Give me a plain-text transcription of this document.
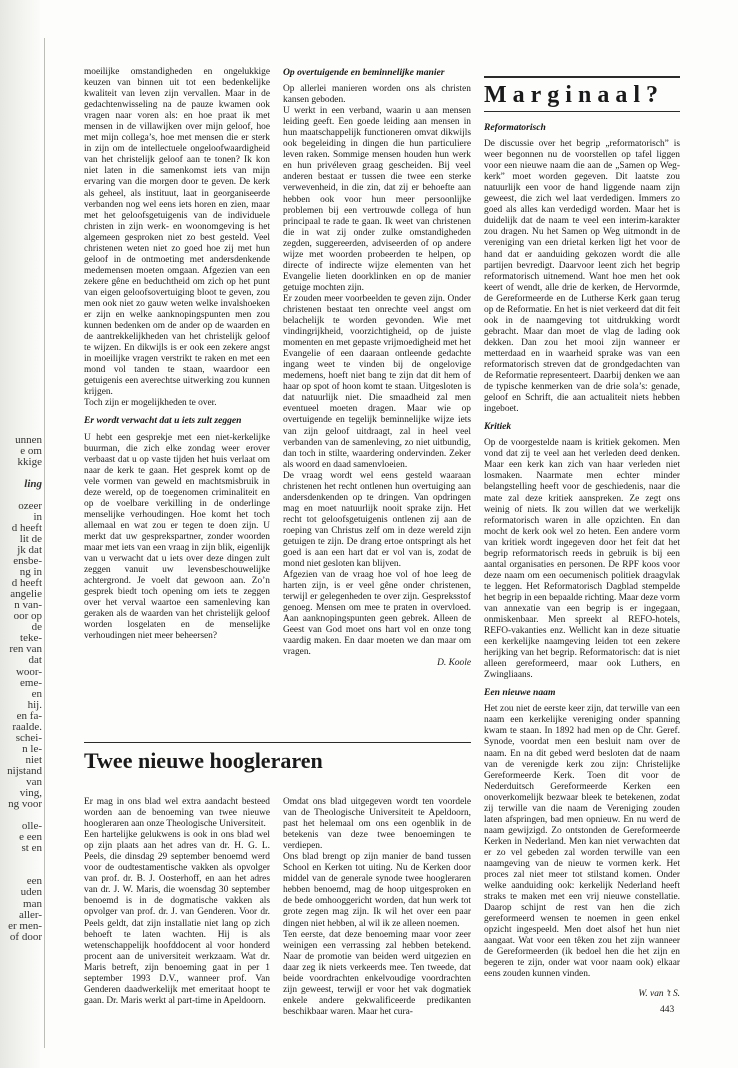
unnen
e om
kkige
ling
ozeer
in
d heeft
lit de
jk dat
ensbe-
ng in
d heeft
angelie
n van-
oor op
de
teke-
ren van
dat
woor-
eme-
en
hij.
en fa-
raalde.
schei-
n le-
niet
nijstand
van
ving,
ng voor
olle-
e een
st en
een
uden
man
aller-
er men-
of door

moeilijke omstandigheden en ongelukkige keuzen van binnen uit tot een bedenkelijke kwaliteit van leven zijn vervallen. Maar in de gedachtenwisseling na de pauze kwamen ook vragen naar voren als: en hoe praat ik met mensen in de villawijken over mijn geloof, hoe met mijn collega’s, hoe met mensen die er sterk in zijn om de intellectuele ongeloofwaardigheid van het christelijk geloof aan te tonen? Ik kon niet laten in die samenkomst iets van mijn ervaring van die morgen door te geven. De kerk als geheel, als instituut, laat in georganiseerde verbanden nog wel eens iets horen en zien, maar met het geloofsgetuigenis van de individuele christen in zijn werk- en woonomgeving is het algemeen gesproken niet zo best gesteld. Veel christenen weten niet zo goed hoe zij met hun geloof in de ontmoeting met andersdenkende medemensen moeten omgaan. Afgezien van een zekere gêne en beduchtheid om zich op het punt van eigen geloofsovertuiging bloot te geven, zou men ook niet zo gauw weten welke invalshoeken er zijn en welke aanknopingspunten men zou kunnen bedenken om de ander op de waarden en de aantrekkelijkheden van het christelijk geloof te wijzen. En dikwijls is er ook een zekere angst in moeilijke vragen verstrikt te raken en met een mond vol tanden te staan, waardoor een getuigenis een averechtse uitwerking zou kunnen krijgen.

Toch zijn er mogelijkheden te over.

Er wordt verwacht dat u iets zult zeggen

U hebt een gesprekje met een niet-kerkelijke buurman, die zich elke zondag weer erover verbaast dat u op vaste tijden het huis verlaat om naar de kerk te gaan. Het gesprek komt op de vele vormen van geweld en machtsmisbruik in deze wereld, op de toegenomen criminaliteit en op de voelbare verkilling in de onderlinge menselijke verhoudingen. Hoe komt het toch allemaal en wat zou er tegen te doen zijn. U merkt dat uw gesprekspartner, zonder woorden maar met iets van een vraag in zijn blik, eigenlijk van u verwacht dat u iets over deze dingen zult zeggen vanuit uw levensbeschouwelijke achtergrond. Je voelt dat gewoon aan. Zo’n gesprek biedt toch opening om iets te zeggen over het verval waartoe een samenleving kan geraken als de waarden van het christelijk geloof worden losgelaten en de menselijke verhoudingen niet meer beheersen?

Op overtuigende en beminnelijke manier

Op allerlei manieren worden ons als christen kansen geboden.

U werkt in een verband, waarin u aan mensen leiding geeft. Een goede leiding aan mensen in hun maatschappelijk functioneren omvat dikwijls ook begeleiding in dingen die hun particuliere leven raken. Sommige mensen houden hun werk en hun privéleven graag gescheiden. Bij veel anderen bestaat er tussen die twee een sterke verwevenheid, in die zin, dat zij er behoefte aan hebben ook voor hun meer persoonlijke problemen bij een vertrouwde collega of hun principaal te rade te gaan. Ik weet van christenen die in wat zij onder zulke omstandigheden zegden, suggereerden, adviseerden of op andere wijze met woorden probeerden te helpen, op directe of indirecte wijze elementen van het Evangelie lieten doorklinken en op de manier getuige mochten zijn.

Er zouden meer voorbeelden te geven zijn. Onder christenen bestaat ten onrechte veel angst om belachelijk te worden gevonden. Wie met vindingrijkheid, voorzichtigheid, op de juiste momenten en met gepaste vrijmoedigheid met het Evangelie of een daaraan ontleende gedachte ingang weet te vinden bij de ongelovige medemens, hoeft niet bang te zijn dat dit hem of haar op spot of hoon komt te staan. Uitgesloten is dat natuurlijk niet. Die smaadheid zal men eventueel moeten dragen. Maar wie op overtuigende en tegelijk beminnelijke wijze iets van zijn geloof uitdraagt, zal in heel veel verbanden van de samenleving, zo niet uitbundig, dan toch in stilte, waardering ondervinden. Zeker als woord en daad samenvloeien.

De vraag wordt wel eens gesteld waaraan christenen het recht ontlenen hun overtuiging aan andersdenkenden op te dringen. Van opdringen mag en moet natuurlijk nooit sprake zijn. Het recht tot geloofsgetuigenis ontlenen zij aan de roeping van Christus zelf om in deze wereld zijn getuigen te zijn. De drang ertoe ontspringt als het goed is aan een hart dat er vol van is, zodat de mond niet gesloten kan blijven.

Afgezien van de vraag hoe vol of hoe leeg de harten zijn, is er veel gêne onder christenen, terwijl er gelegenheden te over zijn. Gespreksstof genoeg. Mensen om mee te praten in overvloed. Aan aanknopingspunten geen gebrek. Alleen de Geest van God moet ons hart vol en onze tong vaardig maken. En daar moeten we dan maar om vragen.

D. Koole

Marginaal?

Reformatorisch

De discussie over het begrip „reformatorisch” is weer begonnen nu de voorstellen op tafel liggen voor een nieuwe naam die aan de „Samen op Weg-kerk” moet worden gegeven. Dit laatste zou natuurlijk een voor de hand liggende naam zijn geweest, die zich wel laat verdedigen. Immers zo goed als alles kan verdedigd worden. Maar het is duidelijk dat de naam te veel een interim-karakter zou dragen. Nu het Samen op Weg uitmondt in de vereniging van een drietal kerken ligt het voor de hand dat er aanduiding gekozen wordt die alle partijen bevredigt. Daarvoor leent zich het begrip reformatorisch uitnemend. Want hoe men het ook keert of wendt, alle drie de kerken, de Hervormde, de Gereformeerde en de Lutherse Kerk gaan terug op de Reformatie. En het is niet verkeerd dat dit feit ook in de naamgeving tot uitdrukking wordt gebracht. Maar dan moet de vlag de lading ook dekken. Dan zou het mooi zijn wanneer er metterdaad en in waarheid sprake was van een reformatorisch streven dat de grondgedachten van de Reformatie representeert. Daarbij denken we aan de typische kenmerken van de drie sola’s: genade, geloof en Schrift, die aan actualiteit niets hebben ingeboet.

Kritiek

Op de voorgestelde naam is kritiek gekomen. Men vond dat zij te veel aan het verleden deed denken. Maar een kerk kan zich van haar verleden niet losmaken. Naarmate men echter minder belangstelling heeft voor de geschiedenis, naar die mate zal deze kritiek aanspreken. Ze zegt ons weinig of niets. Ik zou willen dat we werkelijk reformatorisch waren in alle opzichten. En dan mocht de kerk ook wel zo heten. Een andere vorm van kritiek wordt ingegeven door het feit dat het begrip reformatorisch reeds in gebruik is bij een aantal organisaties en personen. De RPF koos voor deze naam om een oecumenisch politiek draagvlak te leggen. Het Reformatorisch Dagblad stempelde het begrip in een bepaalde richting. Maar deze vorm van annexatie van een begrip is er ingegaan, onmiskenbaar. Men spreekt al REFO-hotels, REFO-vakanties enz. Wellicht kan in deze situatie een kerkelijke naamgeving leiden tot een zekere herijking van het begrip. Reformatorisch: dat is niet alleen gereformeerd, maar ook Luthers, en Zwingliaans.

Een nieuwe naam

Het zou niet de eerste keer zijn, dat terwille van een naam een kerkelijke vereniging onder spanning kwam te staan. In 1892 had men op de Chr. Geref. Synode, voordat men een besluit nam over de naam. En na dit gebed werd besloten dat de naam van de verenigde kerk zou zijn: Christelijke Gereformeerde Kerk. Toen dit voor de Nederduitsch Gereformeerde Kerken een onoverkomelijk bezwaar bleek te betekenen, zodat zij terwille van die naam de Vereniging zouden laten afspringen, bad men opnieuw. En nu werd de naam gewijzigd. Zo ontstonden de Gereformeerde Kerken in Nederland. Men kan niet verwachten dat er zo vel gebeden zal worden terwille van een naamgeving van de nieuw te vormen kerk. Het proces zal niet meer tot stilstand komen. Onder welke aanduiding ook: kerkelijk Nederland heeft straks te maken met een vrij nieuwe constellatie. Daarop schijnt de rest van hen die zich gereformeerd wensen te noemen in geen enkel opzicht ingespeeld. Men doet alsof het hun niet aangaat. Wat voor een têken zou het zijn wanneer de Gereformeerden (ik bedoel hen die het zijn en begeren te zijn, onder wat voor naam ook) elkaar eens zouden kunnen vinden.

W. van ’t S.

Twee nieuwe hoogleraren

Er mag in ons blad wel extra aandacht besteed worden aan de benoeming van twee nieuwe hoogleraren aan onze Theologische Universiteit.

Een hartelijke gelukwens is ook in ons blad wel op zijn plaats aan het adres van dr. H. G. L. Peels, die dinsdag 29 september benoemd werd voor de oudtestamentische vakken als opvolger van prof. dr. B. J. Oosterhoff, en aan het adres van dr. J. W. Maris, die woensdag 30 september benoemd is in de dogmatische vakken als opvolger van prof. dr. J. van Genderen. Voor dr. Peels geldt, dat zijn installatie niet lang op zich behoeft te laten wachten. Hij is als wetenschappelijk hoofddocent al voor honderd procent aan de universiteit werkzaam. Wat dr. Maris betreft, zijn benoeming gaat in per 1 september 1993 D.V., wanneer prof. Van Genderen daadwerkelijk met emeritaat hoopt te gaan. Dr. Maris werkt al part-time in Apeldoorn.

Omdat ons blad uitgegeven wordt ten voordele van de Theologische Universiteit te Apeldoorn, past het helemaal om ons een ogenblik in de betekenis van deze twee benoemingen te verdiepen.

Ons blad brengt op zijn manier de band tussen School en Kerken tot uiting. Nu de Kerken door middel van de generale synode twee hoogleraren hebben benoemd, mag de hoop uitgesproken en de bede omhooggericht worden, dat hun werk tot grote zegen mag zijn. Ik wil het over een paar dingen niet hebben, al wil ik ze alleen noemen.

Ten eerste, dat deze benoeming maar voor zeer weinigen een verrassing zal hebben betekend. Naar de promotie van beiden werd uitgezien en daar zeg ik niets verkeerds mee. Ten tweede, dat beide voordrachten enkelvoudige voordrachten zijn geweest, terwijl er voor het vak dogmatiek enkele andere gekwalificeerde predikanten beschikbaar waren. Maar het cura-	443
